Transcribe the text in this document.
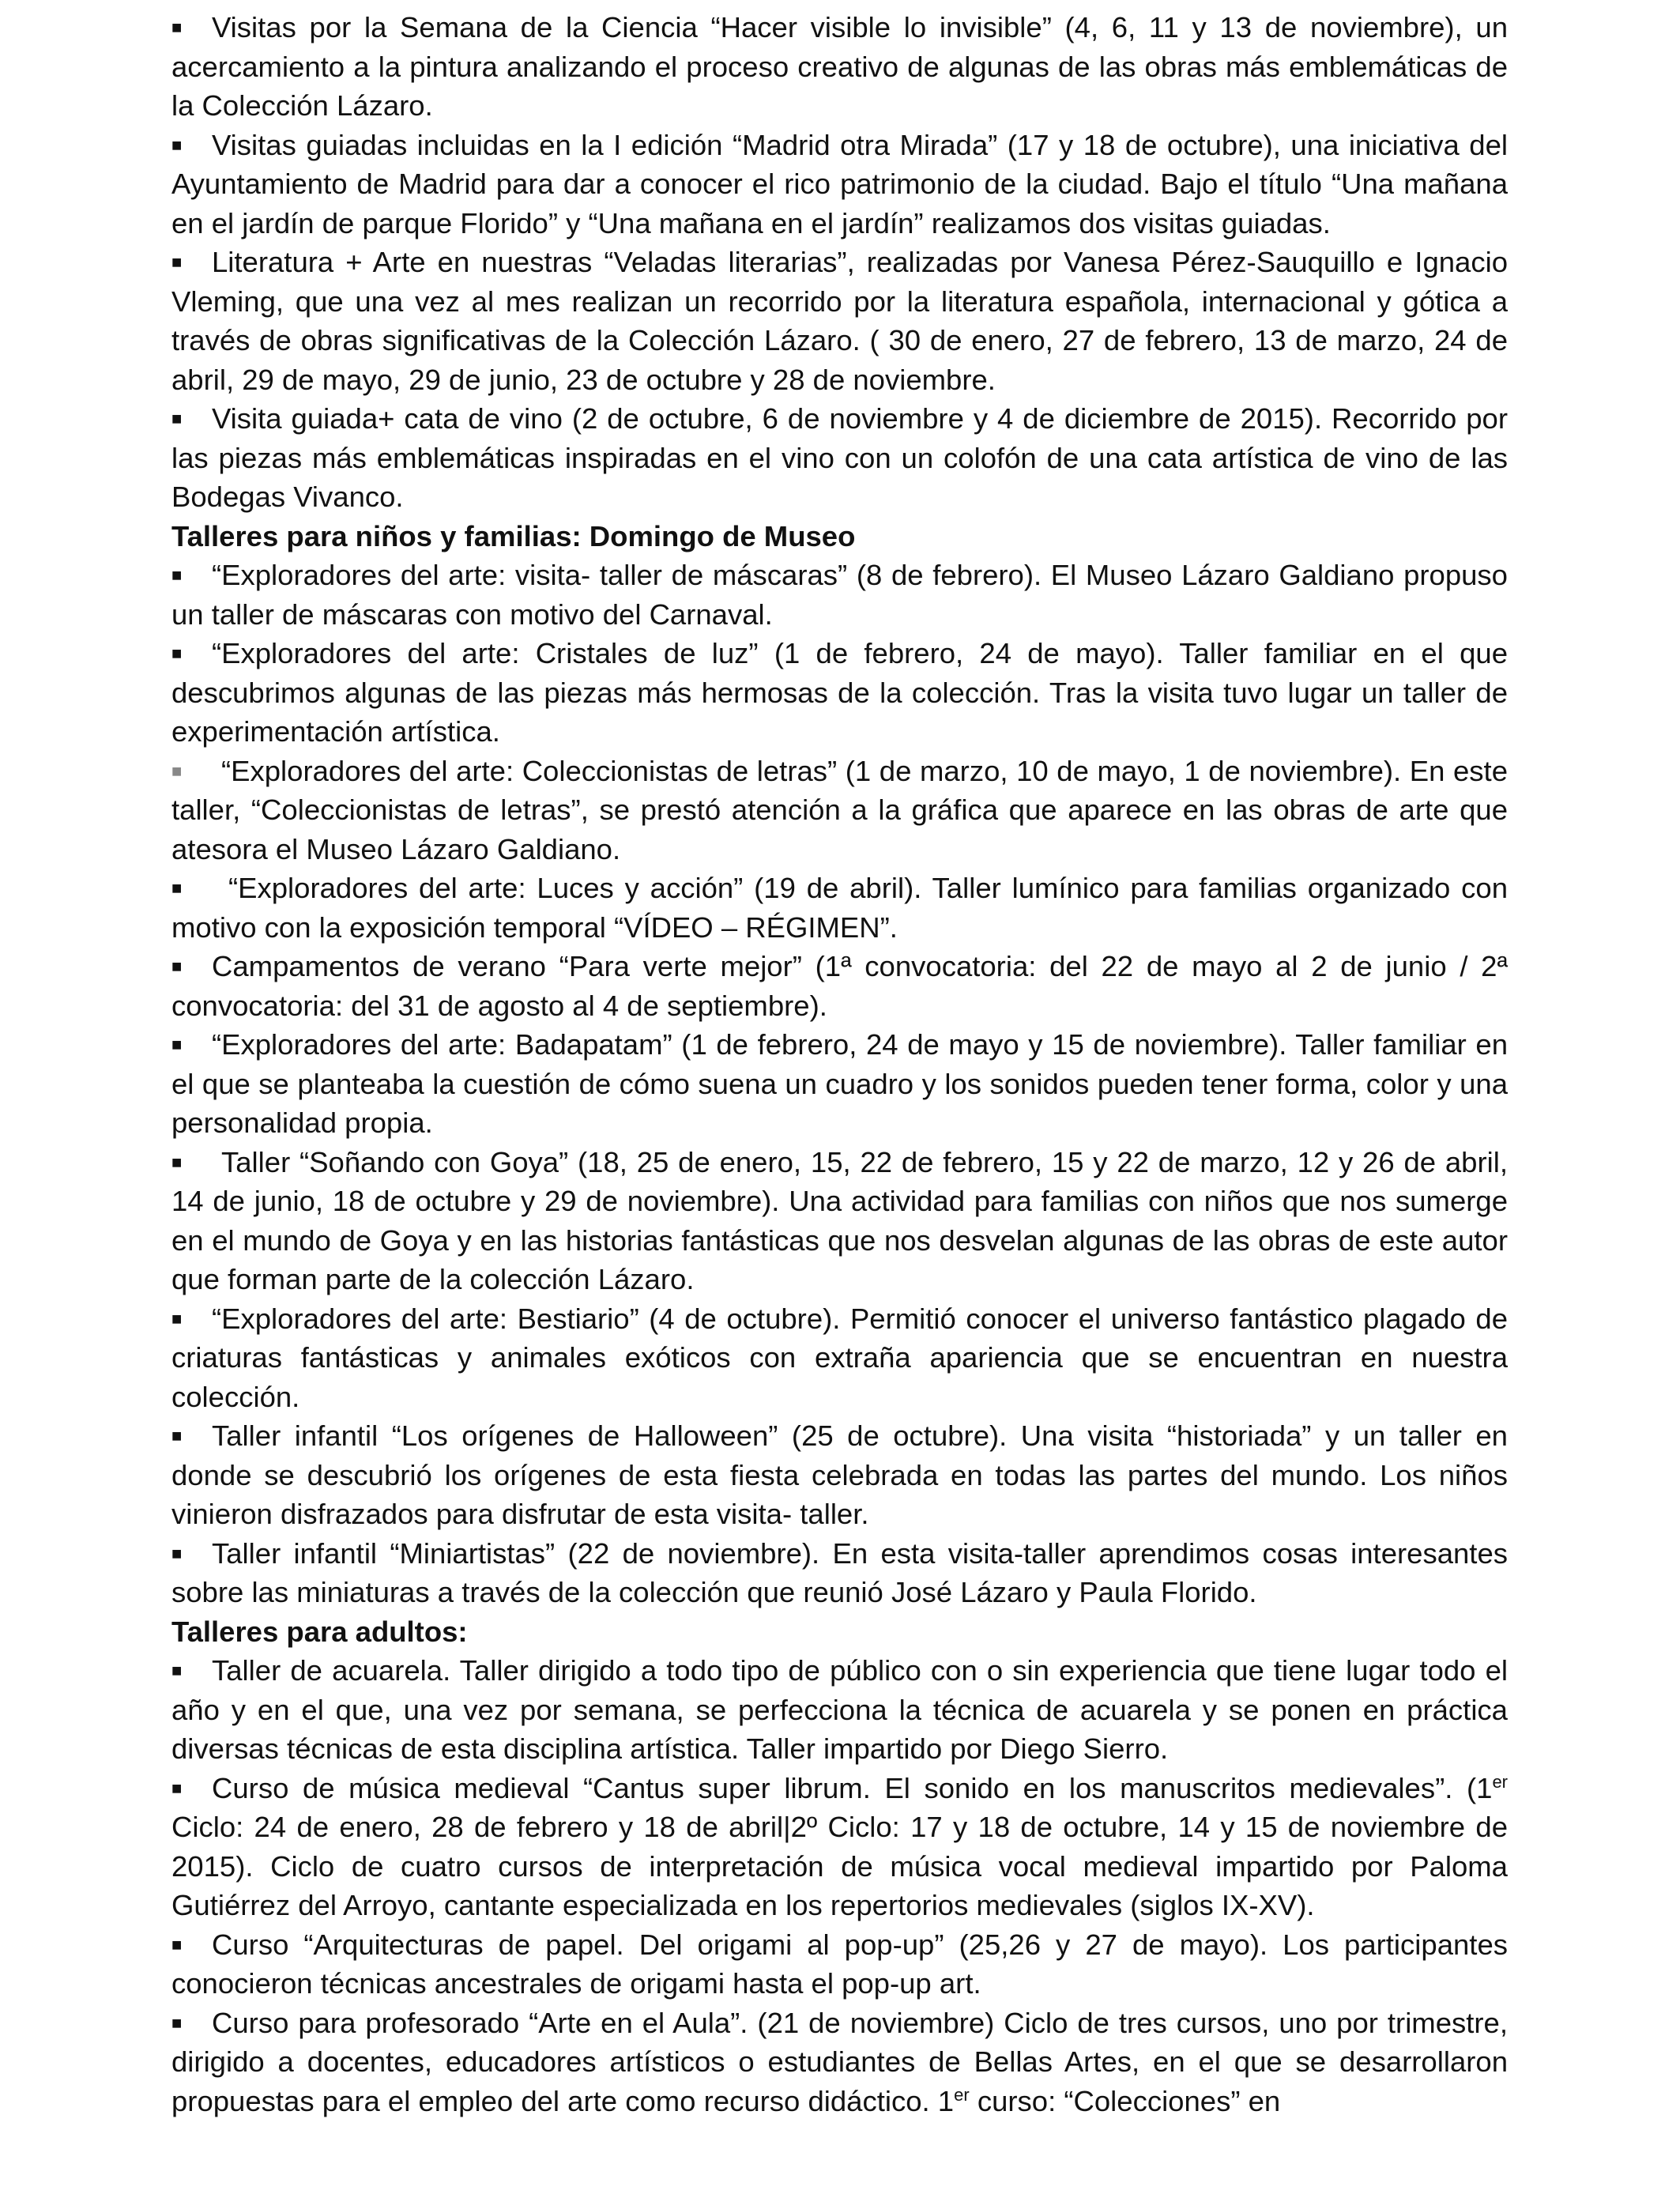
■ Visitas por la Semana de la Ciencia “Hacer visible lo invisible” (4, 6, 11 y 13 de noviembre), un acercamiento a la pintura analizando el proceso creativo de algunas de las obras más emblemáticas de la Colección Lázaro.
■ Visitas guiadas incluidas en la I edición “Madrid otra Mirada” (17 y 18 de octubre), una iniciativa del Ayuntamiento de Madrid para dar a conocer el rico patrimonio de la ciudad. Bajo el título “Una mañana en el jardín de parque Florido” y “Una mañana en el jardín” realizamos dos visitas guiadas.
■ Literatura + Arte en nuestras “Veladas literarias”, realizadas por Vanesa Pérez-Sauquillo e Ignacio Vleming, que una vez al mes realizan un recorrido por la literatura española, internacional y gótica a través de obras significativas de la Colección Lázaro. ( 30 de enero, 27 de febrero, 13 de marzo, 24 de abril, 29 de mayo, 29 de junio, 23 de octubre y 28 de noviembre.
■ Visita guiada+ cata de vino (2 de octubre, 6 de noviembre y 4 de diciembre de 2015). Recorrido por las piezas más emblemáticas inspiradas en el vino con un colofón de una cata artística de vino de las Bodegas Vivanco.
Talleres para niños y familias: Domingo de Museo
■ “Exploradores del arte: visita- taller de máscaras” (8 de febrero). El Museo Lázaro Galdiano propuso un taller de máscaras con motivo del Carnaval.
■ “Exploradores del arte: Cristales de luz” (1 de febrero, 24 de mayo). Taller familiar en el que descubrimos algunas de las piezas más hermosas de la colección. Tras la visita tuvo lugar un taller de experimentación artística.
■ “Exploradores del arte: Coleccionistas de letras” (1 de marzo, 10 de mayo, 1 de noviembre). En este taller, “Coleccionistas de letras”, se prestó atención a la gráfica que aparece en las obras de arte que atesora el Museo Lázaro Galdiano.
■ “Exploradores del arte: Luces y acción” (19 de abril). Taller lumínico para familias organizado con motivo con la exposición temporal “VÍDEO – RÉGIMEN”.
■ Campamentos de verano “Para verte mejor” (1ª convocatoria: del 22 de mayo al 2 de junio / 2ª convocatoria: del 31 de agosto al 4 de septiembre).
■ “Exploradores del arte: Badapatam” (1 de febrero, 24 de mayo y 15 de noviembre). Taller familiar en el que se planteaba la cuestión de cómo suena un cuadro y los sonidos pueden tener forma, color y una personalidad propia.
■ Taller “Soñando con Goya” (18, 25 de enero, 15, 22 de febrero, 15 y 22 de marzo, 12 y 26 de abril, 14 de junio, 18 de octubre y 29 de noviembre). Una actividad para familias con niños que nos sumerge en el mundo de Goya y en las historias fantásticas que nos desvelan algunas de las obras de este autor que forman parte de la colección Lázaro.
■ “Exploradores del arte: Bestiario” (4 de octubre). Permitió conocer el universo fantástico plagado de criaturas fantásticas y animales exóticos con extraña apariencia que se encuentran en nuestra colección.
■ Taller infantil “Los orígenes de Halloween” (25 de octubre). Una visita “historiada” y un taller en donde se descubrió los orígenes de esta fiesta celebrada en todas las partes del mundo. Los niños vinieron disfrazados para disfrutar de esta visita- taller.
■ Taller infantil “Miniartistas” (22 de noviembre). En esta visita-taller aprendimos cosas interesantes sobre las miniaturas a través de la colección que reunió José Lázaro y Paula Florido.
Talleres para adultos:
■ Taller de acuarela. Taller dirigido a todo tipo de público con o sin experiencia que tiene lugar todo el año y en el que, una vez por semana, se perfecciona la técnica de acuarela y se ponen en práctica diversas técnicas de esta disciplina artística. Taller impartido por Diego Sierro.
■ Curso de música medieval “Cantus super librum. El sonido en los manuscritos medievales”. (1er Ciclo: 24 de enero, 28 de febrero y 18 de abril|2º Ciclo: 17 y 18 de octubre, 14 y 15 de noviembre de 2015). Ciclo de cuatro cursos de interpretación de música vocal medieval impartido por Paloma Gutiérrez del Arroyo, cantante especializada en los repertorios medievales (siglos IX-XV).
■ Curso “Arquitecturas de papel. Del origami al pop-up” (25,26 y 27 de mayo). Los participantes conocieron técnicas ancestrales de origami hasta el pop-up art.
■ Curso para profesorado “Arte en el Aula”. (21 de noviembre) Ciclo de tres cursos, uno por trimestre, dirigido a docentes, educadores artísticos o estudiantes de Bellas Artes, en el que se desarrollaron propuestas para el empleo del arte como recurso didáctico. 1er curso: “Colecciones” en
